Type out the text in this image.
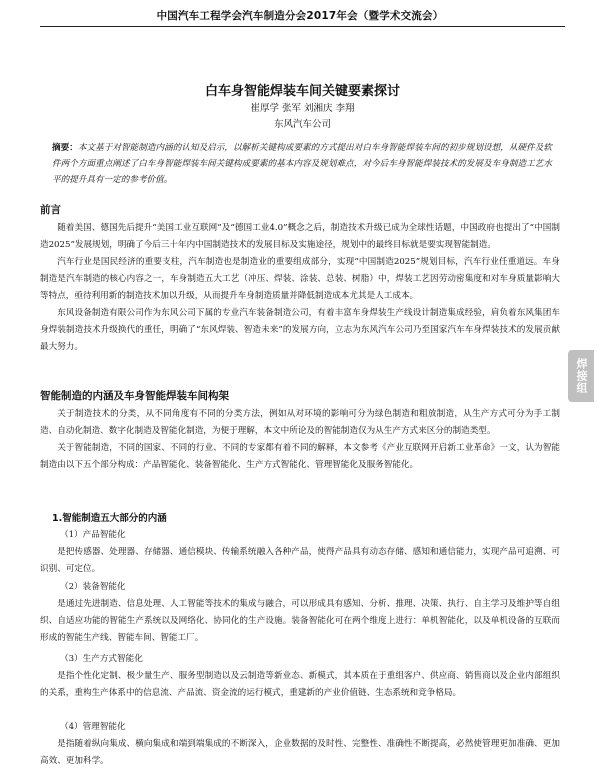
中国汽车工程学会汽车制造分会2017年会（暨学术交流会）
白车身智能焊装车间关键要素探讨
崔厚学 张军 刘湘庆 李翔
东风汽车公司
摘要：本文基于对智能制造内涵的认知及启示，以解析关键构成要素的方式提出对白车身智能焊装车间的初步规划设想，从硬件及软件两个方面重点阐述了白车身智能焊装车间关键构成要素的基本内容及规划难点，对今后车身智能焊装技术的发展及车身制造工艺水平的提升具有一定的参考价值。
前言

随着美国、德国先后提升“美国工业互联网”及“德国工业4.0”概念之后，制造技术升级已成为全球性话题，中国政府也提出了“中国制造2025”发展规划，明确了今后三十年内中国制造技术的发展目标及实施途径，规划中的最终目标就是要实现智能制造。

汽车行业是国民经济的重要支柱，汽车制造也是制造业的重要组成部分，实现“中国制造2025”规划目标，汽车行业任重道远。车身制造是汽车制造的核心内容之一，车身制造五大工艺（冲压、焊装、涂装、总装、树脂）中，焊装工艺因劳动密集度和对车身质量影响大等特点，亟待利用新的制造技术加以升级，从而提升车身制造质量并降低制造成本尤其是人工成本。

东风设备制造有限公司作为东风公司下属的专业汽车装备制造公司，有着丰富车身焊装生产线设计制造集成经验，肩负着东风集团车身焊装制造技术升级换代的重任，明确了“东风焊装、智造未来”的发展方向，立志为东风汽车公司乃至国家汽车车身焊装技术的发展贡献最大努力。

智能制造的内涵及车身智能焊装车间构架

关于制造技术的分类，从不同角度有不同的分类方法，例如从对环境的影响可分为绿色制造和粗放制造，从生产方式可分为手工制造、自动化制造、数字化制造及智能化制造，为便于理解，本文中所论及的智能制造仅为从生产方式来区分的制造类型。

关于智能制造，不同的国家、不同的行业、不同的专家都有着不同的解释，本文参考《产业互联网开启新工业革命》一文，认为智能制造由以下五个部分构成：产品智能化、装备智能化、生产方式智能化、管理智能化及服务智能化。

1.智能制造五大部分的内涵
（1）产品智能化

是把传感器、处理器、存储器、通信模块、传输系统融入各种产品，使得产品具有动态存储、感知和通信能力，实现产品可追溯、可识别、可定位。

（2）装备智能化

是通过先进制造、信息处理、人工智能等技术的集成与融合，可以形成具有感知、分析、推理、决策、执行、自主学习及维护等自组织、自适应功能的智能生产系统以及网络化、协同化的生产设施。装备智能化可在两个维度上进行：单机智能化，以及单机设备的互联而形成的智能生产线、智能车间、智能工厂。

（3）生产方式智能化

是指个性化定制、极少量生产、服务型制造以及云制造等新业态、新模式，其本质在于重组客户、供应商、销售商以及企业内部组织的关系，重构生产体系中的信息流、产品流、资金流的运行模式，重建新的产业价值链、生态系统和竞争格局。

（4）管理智能化

是指随着纵向集成、横向集成和端到端集成的不断深入，企业数据的及时性、完整性、准确性不断提高，必然使管理更加准确、更加高效、更加科学。

焊接组
